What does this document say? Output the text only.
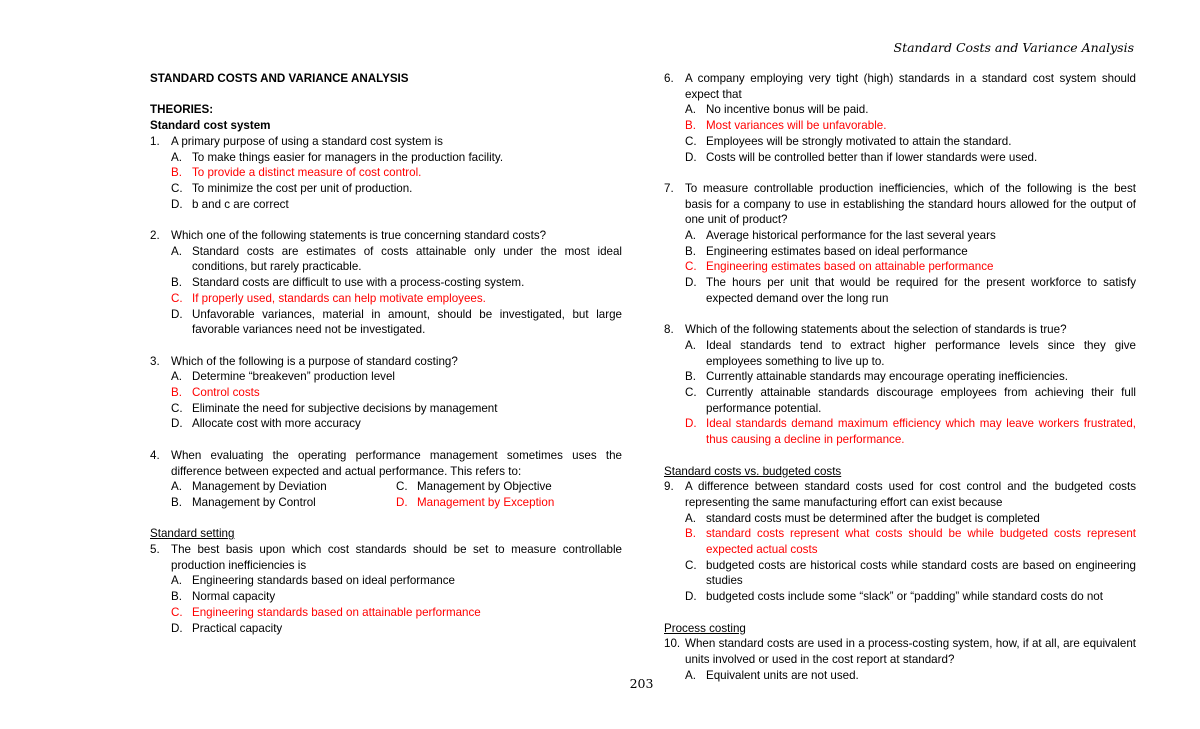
Standard Costs and Variance Analysis
STANDARD COSTS AND VARIANCE ANALYSIS
THEORIES:
Standard cost system
1. A primary purpose of using a standard cost system is
A. To make things easier for managers in the production facility.
B. To provide a distinct measure of cost control.
C. To minimize the cost per unit of production.
D. b and c are correct
2. Which one of the following statements is true concerning standard costs?
A. Standard costs are estimates of costs attainable only under the most ideal conditions, but rarely practicable.
B. Standard costs are difficult to use with a process-costing system.
C. If properly used, standards can help motivate employees.
D. Unfavorable variances, material in amount, should be investigated, but large favorable variances need not be investigated.
3. Which of the following is a purpose of standard costing?
A. Determine “breakeven” production level
B. Control costs
C. Eliminate the need for subjective decisions by management
D. Allocate cost with more accuracy
4. When evaluating the operating performance management sometimes uses the difference between expected and actual performance. This refers to:
A. Management by Deviation	C. Management by Objective
B. Management by Control	D. Management by Exception
Standard setting
5. The best basis upon which cost standards should be set to measure controllable production inefficiencies is
A. Engineering standards based on ideal performance
B. Normal capacity
C. Engineering standards based on attainable performance
D. Practical capacity
6. A company employing very tight (high) standards in a standard cost system should expect that
A. No incentive bonus will be paid.
B. Most variances will be unfavorable.
C. Employees will be strongly motivated to attain the standard.
D. Costs will be controlled better than if lower standards were used.
7. To measure controllable production inefficiencies, which of the following is the best basis for a company to use in establishing the standard hours allowed for the output of one unit of product?
A. Average historical performance for the last several years
B. Engineering estimates based on ideal performance
C. Engineering estimates based on attainable performance
D. The hours per unit that would be required for the present workforce to satisfy expected demand over the long run
8. Which of the following statements about the selection of standards is true?
A. Ideal standards tend to extract higher performance levels since they give employees something to live up to.
B. Currently attainable standards may encourage operating inefficiencies.
C. Currently attainable standards discourage employees from achieving their full performance potential.
D. Ideal standards demand maximum efficiency which may leave workers frustrated, thus causing a decline in performance.
Standard costs vs. budgeted costs
9. A difference between standard costs used for cost control and the budgeted costs representing the same manufacturing effort can exist because
A. standard costs must be determined after the budget is completed
B. standard costs represent what costs should be while budgeted costs represent expected actual costs
C. budgeted costs are historical costs while standard costs are based on engineering studies
D. budgeted costs include some “slack” or “padding” while standard costs do not
Process costing
10. When standard costs are used in a process-costing system, how, if at all, are equivalent units involved or used in the cost report at standard?
A. Equivalent units are not used.
203
